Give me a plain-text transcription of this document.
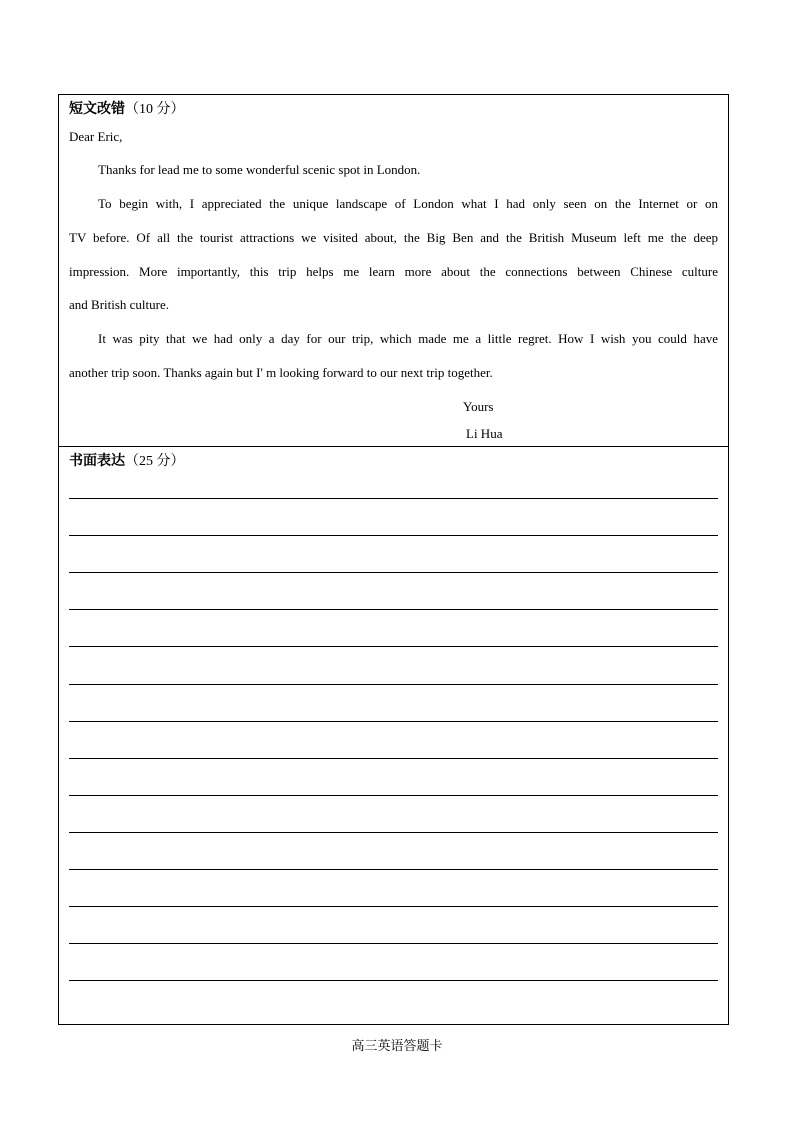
短文改错（10 分）
Dear Eric,
Thanks for lead me to some wonderful scenic spot in London.
To begin with, I appreciated the unique landscape of London what I had only seen on the Internet or on
TV before. Of all the tourist attractions we visited about, the Big Ben and the British Museum left me the deep
impression. More importantly, this trip helps me learn more about the connections between Chinese culture
and British culture.
It was pity that we had only a day for our trip, which made me a little regret. How I wish you could have
another trip soon. Thanks again but I' m looking forward to our next trip together.
Yours
Li Hua
书面表达（25 分）
高三英语答题卡
